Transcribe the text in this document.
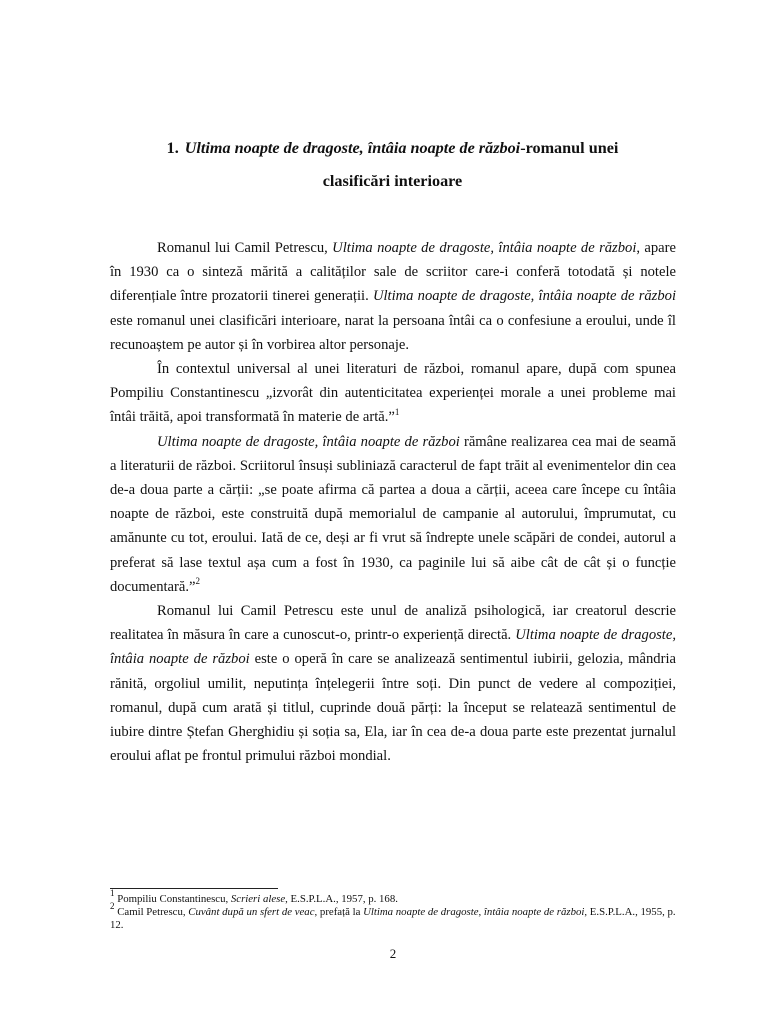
1. Ultima noapte de dragoste, întâia noapte de război-romanul unei
clasificări interioare

Romanul lui Camil Petrescu, Ultima noapte de dragoste, întâia noapte de război, apare în 1930 ca o sinteză mărită a calităților sale de scriitor care-i conferă totodată și notele diferențiale între prozatorii tinerei generații. Ultima noapte de dragoste, întâia noapte de război este romanul unei clasificări interioare, narat la persoana întâi ca o confesiune a eroului, unde îl recunoaștem pe autor și în vorbirea altor personaje.

În contextul universal al unei literaturi de război, romanul apare, după com spunea Pompiliu Constantinescu „izvorât din autenticitatea experienței morale a unei probleme mai întâi trăită, apoi transformată în materie de artă.”$^1$

Ultima noapte de dragoste, întâia noapte de război rămâne realizarea cea mai de seamă a literaturii de război. Scriitorul însuși subliniază caracterul de fapt trăit al evenimentelor din cea de-a doua parte a cărții: „se poate afirma că partea a doua a cărții, aceea care începe cu întâia noapte de război, este construită după memorialul de campanie al autorului, împrumutat, cu amănunte cu tot, eroului. Iată de ce, deși ar fi vrut să îndrepte unele scăpări de condei, autorul a preferat să lase textul așa cum a fost în 1930, ca paginile lui să aibe cât de cât și o funcție documentară.”$^2$

Romanul lui Camil Petrescu este unul de analiză psihologică, iar creatorul descrie realitatea în măsura în care a cunoscut-o, printr-o experiență directă. Ultima noapte de dragoste, întâia noapte de război este o operă în care se analizează sentimentul iubirii, gelozia, mândria rănită, orgoliul umilit, neputința înțelegerii între soți. Din punct de vedere al compoziției, romanul, după cum arată și titlul, cuprinde două părți: la început se relatează sentimentul de iubire dintre Ștefan Gherghidiu și soția sa, Ela, iar în cea de-a doua parte este prezentat jurnalul eroului aflat pe frontul primului război mondial.

$^1$ Pompiliu Constantinescu, Scrieri alese, E.S.P.L.A., 1957, p. 168.
$^2$ Camil Petrescu, Cuvânt după un sfert de veac, prefață la Ultima noapte de dragoste, întâia noapte de război, E.S.P.L.A., 1955, p. 12.
2
